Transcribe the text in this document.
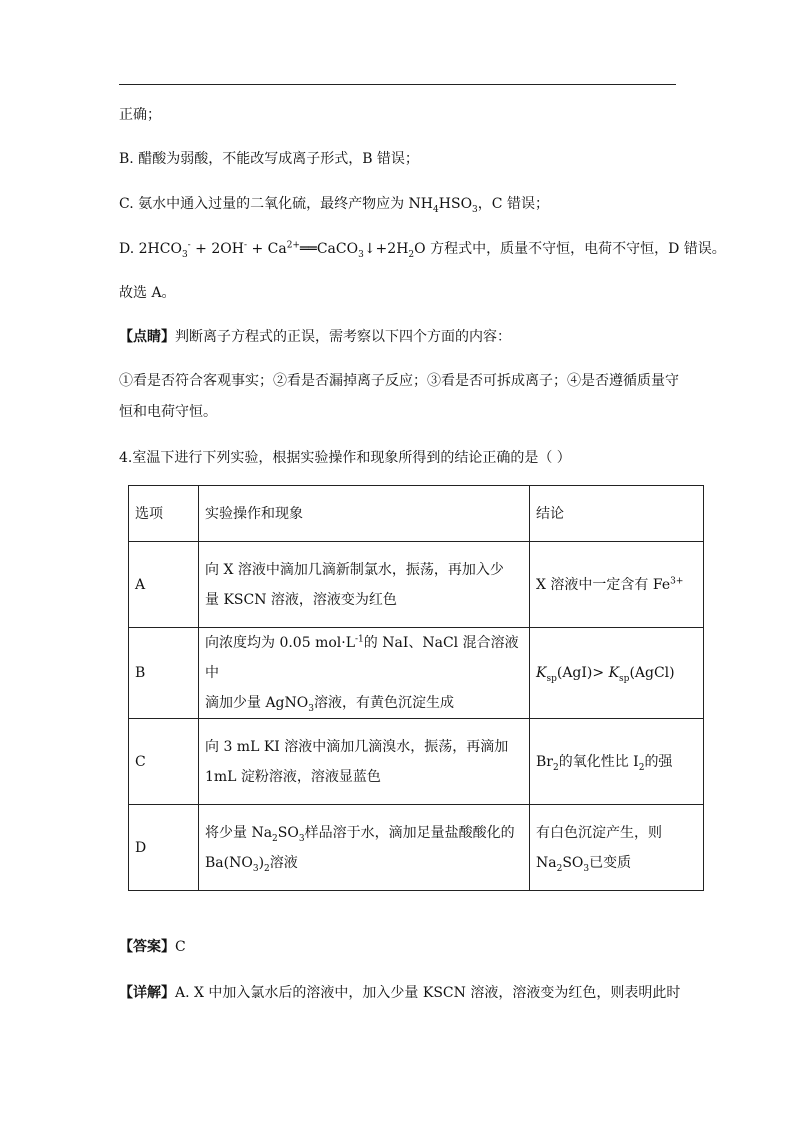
正确；
B. 醋酸为弱酸，不能改写成离子形式，B 错误；
C. 氨水中通入过量的二氧化硫，最终产物应为 $NH_4HSO_3$，C 错误；
D. $2HCO_3^- + 2OH^-$ + $Ca^{2+}══CaCO_3↓+2H_2O$ 方程式中，质量不守恒，电荷不守恒，D 错误。
故选 A。
【点睛】判断离子方程式的正误，需考察以下四个方面的内容：
①看是否符合客观事实；②看是否漏掉离子反应；③看是否可拆成离子；④是否遵循质量守
恒和电荷守恒。
4.室温下进行下列实验，根据实验操作和现象所得到的结论正确的是（ ）
选项	实验操作和现象	结论
A	向 X 溶液中滴加几滴新制氯水，振荡，再加入少
量 KSCN 溶液，溶液变为红色	X 溶液中一定含有 $Fe^{3+}$
B	向浓度均为 0.05 $mol\cdot L^{-1}$的 NaI、NaCl 混合溶液中
滴加少量 AgNO$_3$溶液，有黄色沉淀生成	$K_{sp}(AgI)>$ $K_{sp}(AgCl)$
C	向 3 mL KI 溶液中滴加几滴溴水，振荡，再滴加
1mL 淀粉溶液，溶液显蓝色	$Br_2$的氧化性比 $I_2$的强
D	将少量 $Na_2SO_3$样品溶于水，滴加足量盐酸酸化的
$Ba(NO_3)_2$溶液	有白色沉淀产生，则
$Na_2SO_3$已变质
【答案】C
【详解】A. X 中加入氯水后的溶液中，加入少量 KSCN 溶液，溶液变为红色，则表明此时
